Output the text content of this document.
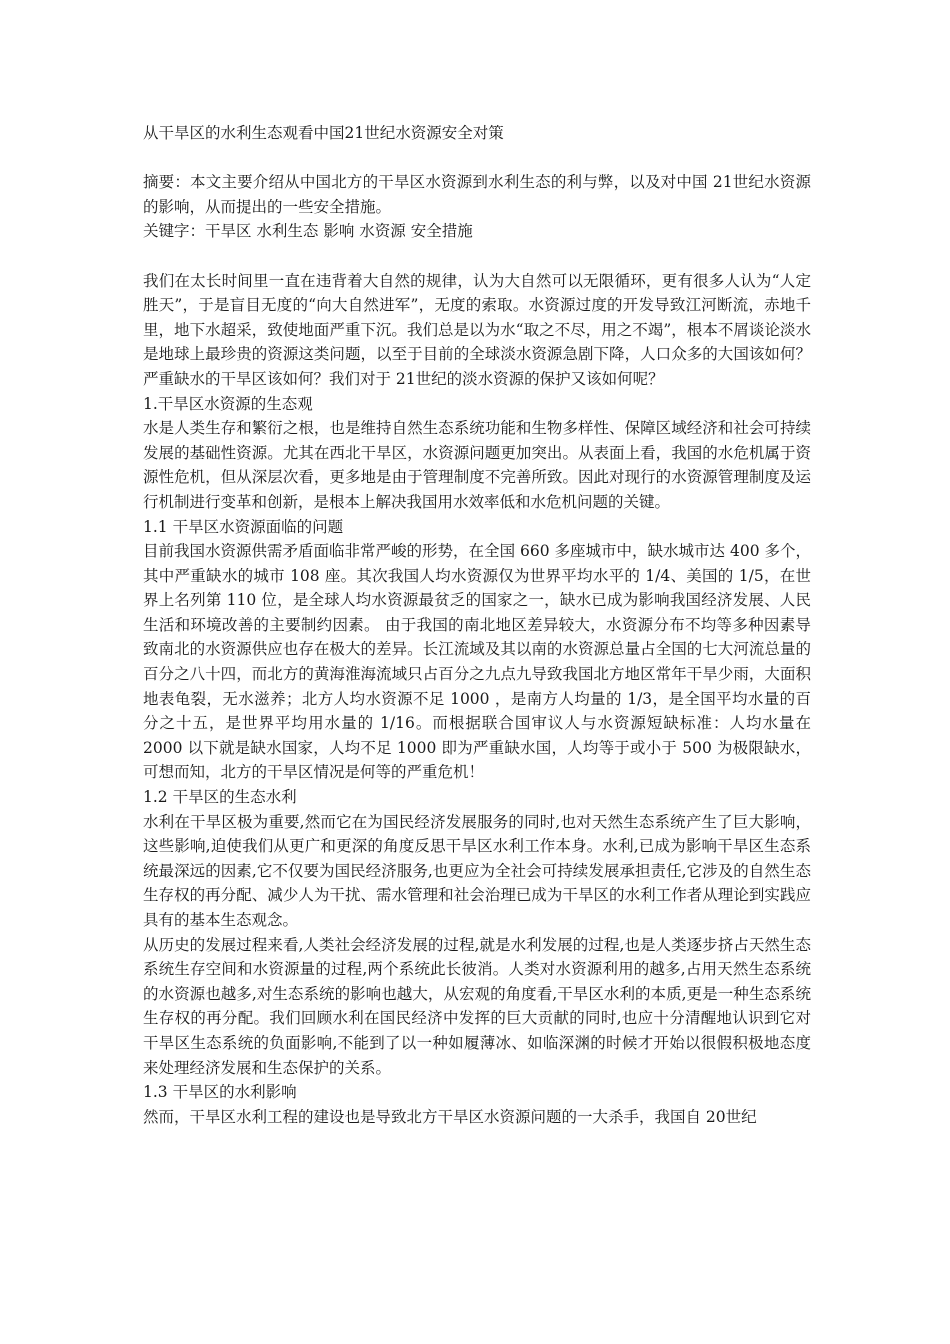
从干旱区的水利生态观看中国21世纪水资源安全对策

摘要：本文主要介绍从中国北方的干旱区水资源到水利生态的利与弊，以及对中国 21世纪水资源的影响，从而提出的一些安全措施。

关键字：干旱区 水利生态 影响 水资源 安全措施

我们在太长时间里一直在违背着大自然的规律，认为大自然可以无限循环，更有很多人认为“人定胜天”，于是盲目无度的“向大自然进军”，无度的索取。水资源过度的开发导致江河断流，赤地千里，地下水超采，致使地面严重下沉。我们总是以为水“取之不尽，用之不竭”，根本不屑谈论淡水是地球上最珍贵的资源这类问题，以至于目前的全球淡水资源急剧下降，人口众多的大国该如何？严重缺水的干旱区该如何？我们对于 21世纪的淡水资源的保护又该如何呢？

1.干旱区水资源的生态观

水是人类生存和繁衍之根，也是维持自然生态系统功能和生物多样性、保障区域经济和社会可持续发展的基础性资源。尤其在西北干旱区，水资源问题更加突出。从表面上看，我国的水危机属于资源性危机，但从深层次看，更多地是由于管理制度不完善所致。因此对现行的水资源管理制度及运行机制进行变革和创新，是根本上解决我国用水效率低和水危机问题的关键。

1.1 干旱区水资源面临的问题

目前我国水资源供需矛盾面临非常严峻的形势，在全国 660 多座城市中，缺水城市达 400 多个，其中严重缺水的城市 108 座。其次我国人均水资源仅为世界平均水平的 1/4、美国的 1/5，在世界上名列第 110 位，是全球人均水资源最贫乏的国家之一，缺水已成为影响我国经济发展、人民生活和环境改善的主要制约因素。 由于我国的南北地区差异较大，水资源分布不均等多种因素导致南北的水资源供应也存在极大的差异。长江流域及其以南的水资源总量占全国的七大河流总量的百分之八十四，而北方的黄海淮海流域只占百分之九点九导致我国北方地区常年干旱少雨，大面积地表龟裂，无水滋养；北方人均水资源不足 1000 ，是南方人均量的 1/3，是全国平均水量的百分之十五，是世界平均用水量的 1/16。而根据联合国审议人与水资源短缺标准：人均水量在 2000 以下就是缺水国家，人均不足 1000 即为严重缺水国，人均等于或小于 500 为极限缺水，可想而知，北方的干旱区情况是何等的严重危机！

1.2 干旱区的生态水利

水利在干旱区极为重要,然而它在为国民经济发展服务的同时,也对天然生态系统产生了巨大影响，这些影响,迫使我们从更广和更深的角度反思干旱区水利工作本身。水利,已成为影响干旱区生态系统最深远的因素,它不仅要为国民经济服务,也更应为全社会可持续发展承担责任,它涉及的自然生态生存权的再分配、减少人为干扰、需水管理和社会治理已成为干旱区的水利工作者从理论到实践应具有的基本生态观念。

从历史的发展过程来看,人类社会经济发展的过程,就是水利发展的过程,也是人类逐步挤占天然生态系统生存空间和水资源量的过程,两个系统此长彼消。人类对水资源利用的越多,占用天然生态系统的水资源也越多,对生态系统的影响也越大，从宏观的角度看,干旱区水利的本质,更是一种生态系统生存权的再分配。我们回顾水利在国民经济中发挥的巨大贡献的同时,也应十分清醒地认识到它对干旱区生态系统的负面影响,不能到了以一种如履薄冰、如临深渊的时候才开始以很假积极地态度来处理经济发展和生态保护的关系。

1.3 干旱区的水利影响

然而，干旱区水利工程的建设也是导致北方干旱区水资源问题的一大杀手，我国自 20世纪
